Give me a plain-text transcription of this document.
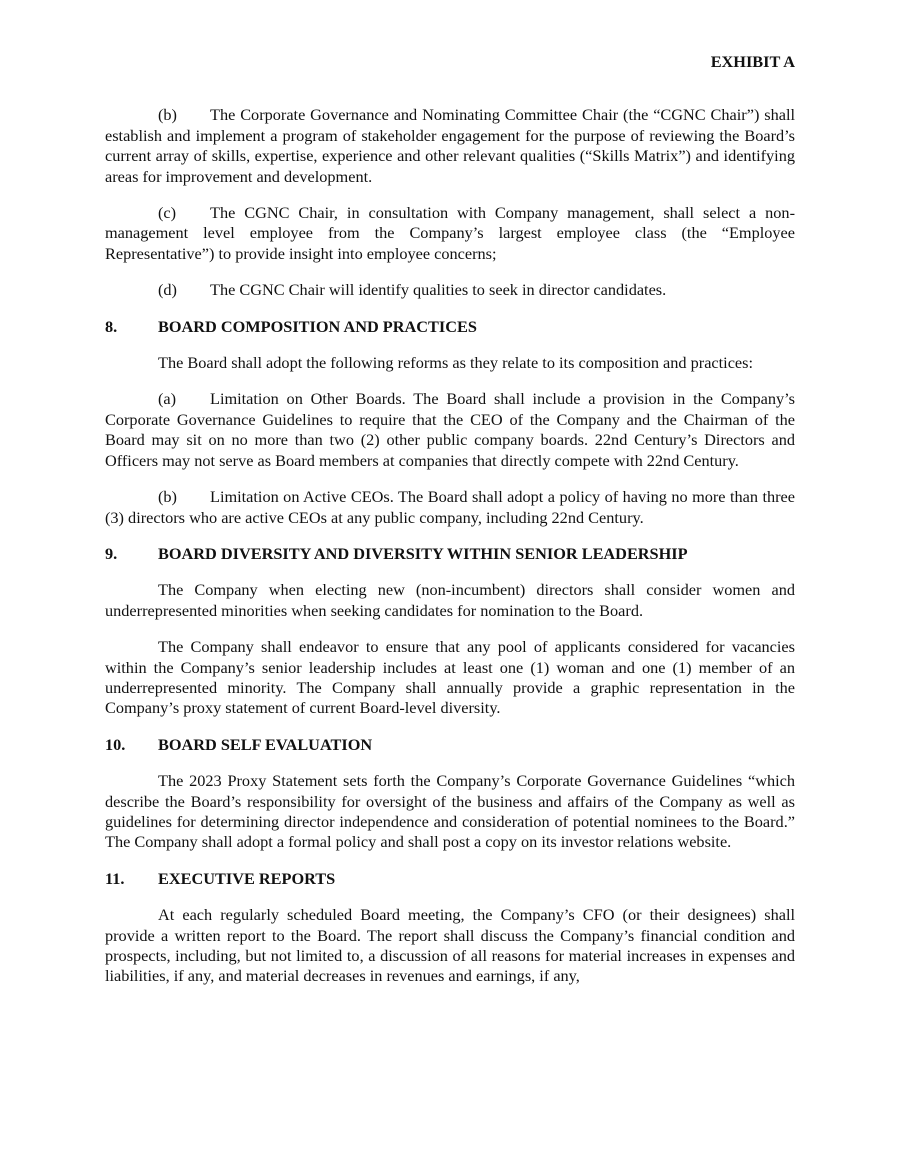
EXHIBIT A

(b) The Corporate Governance and Nominating Committee Chair (the “CGNC Chair”) shall establish and implement a program of stakeholder engagement for the purpose of reviewing the Board’s current array of skills, expertise, experience and other relevant qualities (“Skills Matrix”) and identifying areas for improvement and development.

(c) The CGNC Chair, in consultation with Company management, shall select a non-management level employee from the Company’s largest employee class (the “Employee Representative”) to provide insight into employee concerns;

(d) The CGNC Chair will identify qualities to seek in director candidates.

8.	BOARD COMPOSITION AND PRACTICES

The Board shall adopt the following reforms as they relate to its composition and practices:

(a) Limitation on Other Boards. The Board shall include a provision in the Company’s Corporate Governance Guidelines to require that the CEO of the Company and the Chairman of the Board may sit on no more than two (2) other public company boards. 22nd Century’s Directors and Officers may not serve as Board members at companies that directly compete with 22nd Century.

(b) Limitation on Active CEOs. The Board shall adopt a policy of having no more than three (3) directors who are active CEOs at any public company, including 22nd Century.

9.	BOARD DIVERSITY AND DIVERSITY WITHIN SENIOR LEADERSHIP

The Company when electing new (non-incumbent) directors shall consider women and underrepresented minorities when seeking candidates for nomination to the Board.

The Company shall endeavor to ensure that any pool of applicants considered for vacancies within the Company’s senior leadership includes at least one (1) woman and one (1) member of an underrepresented minority. The Company shall annually provide a graphic representation in the Company’s proxy statement of current Board-level diversity.

10. BOARD SELF EVALUATION

The 2023 Proxy Statement sets forth the Company’s Corporate Governance Guidelines “which describe the Board’s responsibility for oversight of the business and affairs of the Company as well as guidelines for determining director independence and consideration of potential nominees to the Board.” The Company shall adopt a formal policy and shall post a copy on its investor relations website.

11. EXECUTIVE REPORTS

At each regularly scheduled Board meeting, the Company’s CFO (or their designees) shall provide a written report to the Board. The report shall discuss the Company’s financial condition and prospects, including, but not limited to, a discussion of all reasons for material increases in expenses and liabilities, if any, and material decreases in revenues and earnings, if any,
